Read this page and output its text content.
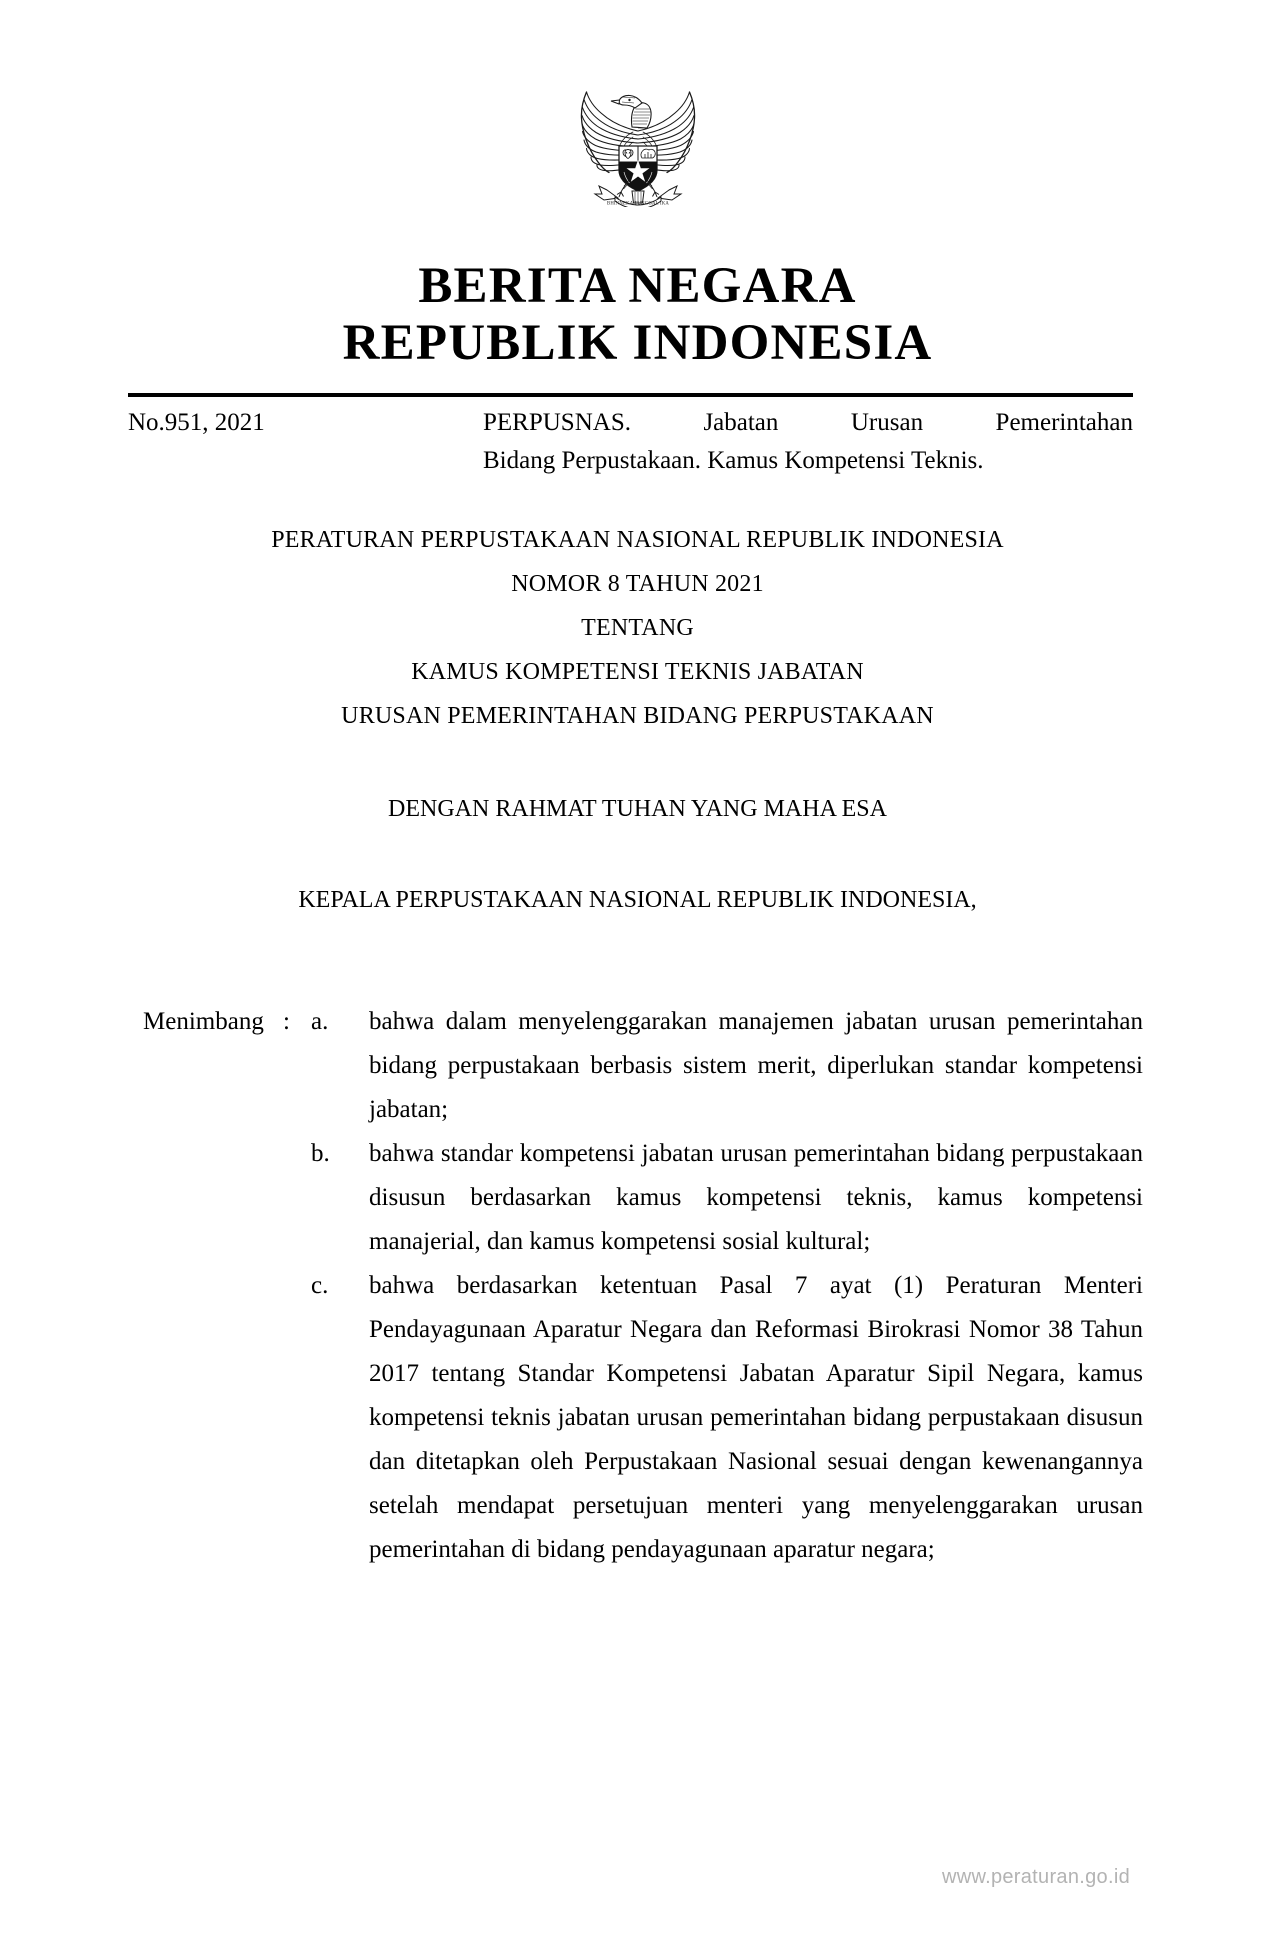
BHINNEKA TUNGGAL IKA
BERITA NEGARA
REPUBLIK INDONESIA
No.951, 2021	PERPUSNAS. Jabatan Urusan Pemerintahan
Bidang Perpustakaan. Kamus Kompetensi Teknis.
PERATURAN PERPUSTAKAAN NASIONAL REPUBLIK INDONESIA
NOMOR 8 TAHUN 2021
TENTANG
KAMUS KOMPETENSI TEKNIS JABATAN
URUSAN PEMERINTAHAN BIDANG PERPUSTAKAAN
DENGAN RAHMAT TUHAN YANG MAHA ESA
KEPALA PERPUSTAKAAN NASIONAL REPUBLIK INDONESIA,
Menimbang : a.	bahwa dalam menyelenggarakan manajemen jabatan urusan pemerintahan bidang perpustakaan berbasis sistem merit, diperlukan standar kompetensi jabatan;
b.	bahwa standar kompetensi jabatan urusan pemerintahan bidang perpustakaan disusun berdasarkan kamus kompetensi teknis, kamus kompetensi manajerial, dan kamus kompetensi sosial kultural;
c.	bahwa berdasarkan ketentuan Pasal 7 ayat (1) Peraturan Menteri Pendayagunaan Aparatur Negara dan Reformasi Birokrasi Nomor 38 Tahun 2017 tentang Standar Kompetensi Jabatan Aparatur Sipil Negara, kamus kompetensi teknis jabatan urusan pemerintahan bidang perpustakaan disusun dan ditetapkan oleh Perpustakaan Nasional sesuai dengan kewenangannya setelah mendapat persetujuan menteri yang menyelenggarakan urusan pemerintahan di bidang pendayagunaan aparatur negara;
www.peraturan.go.id
